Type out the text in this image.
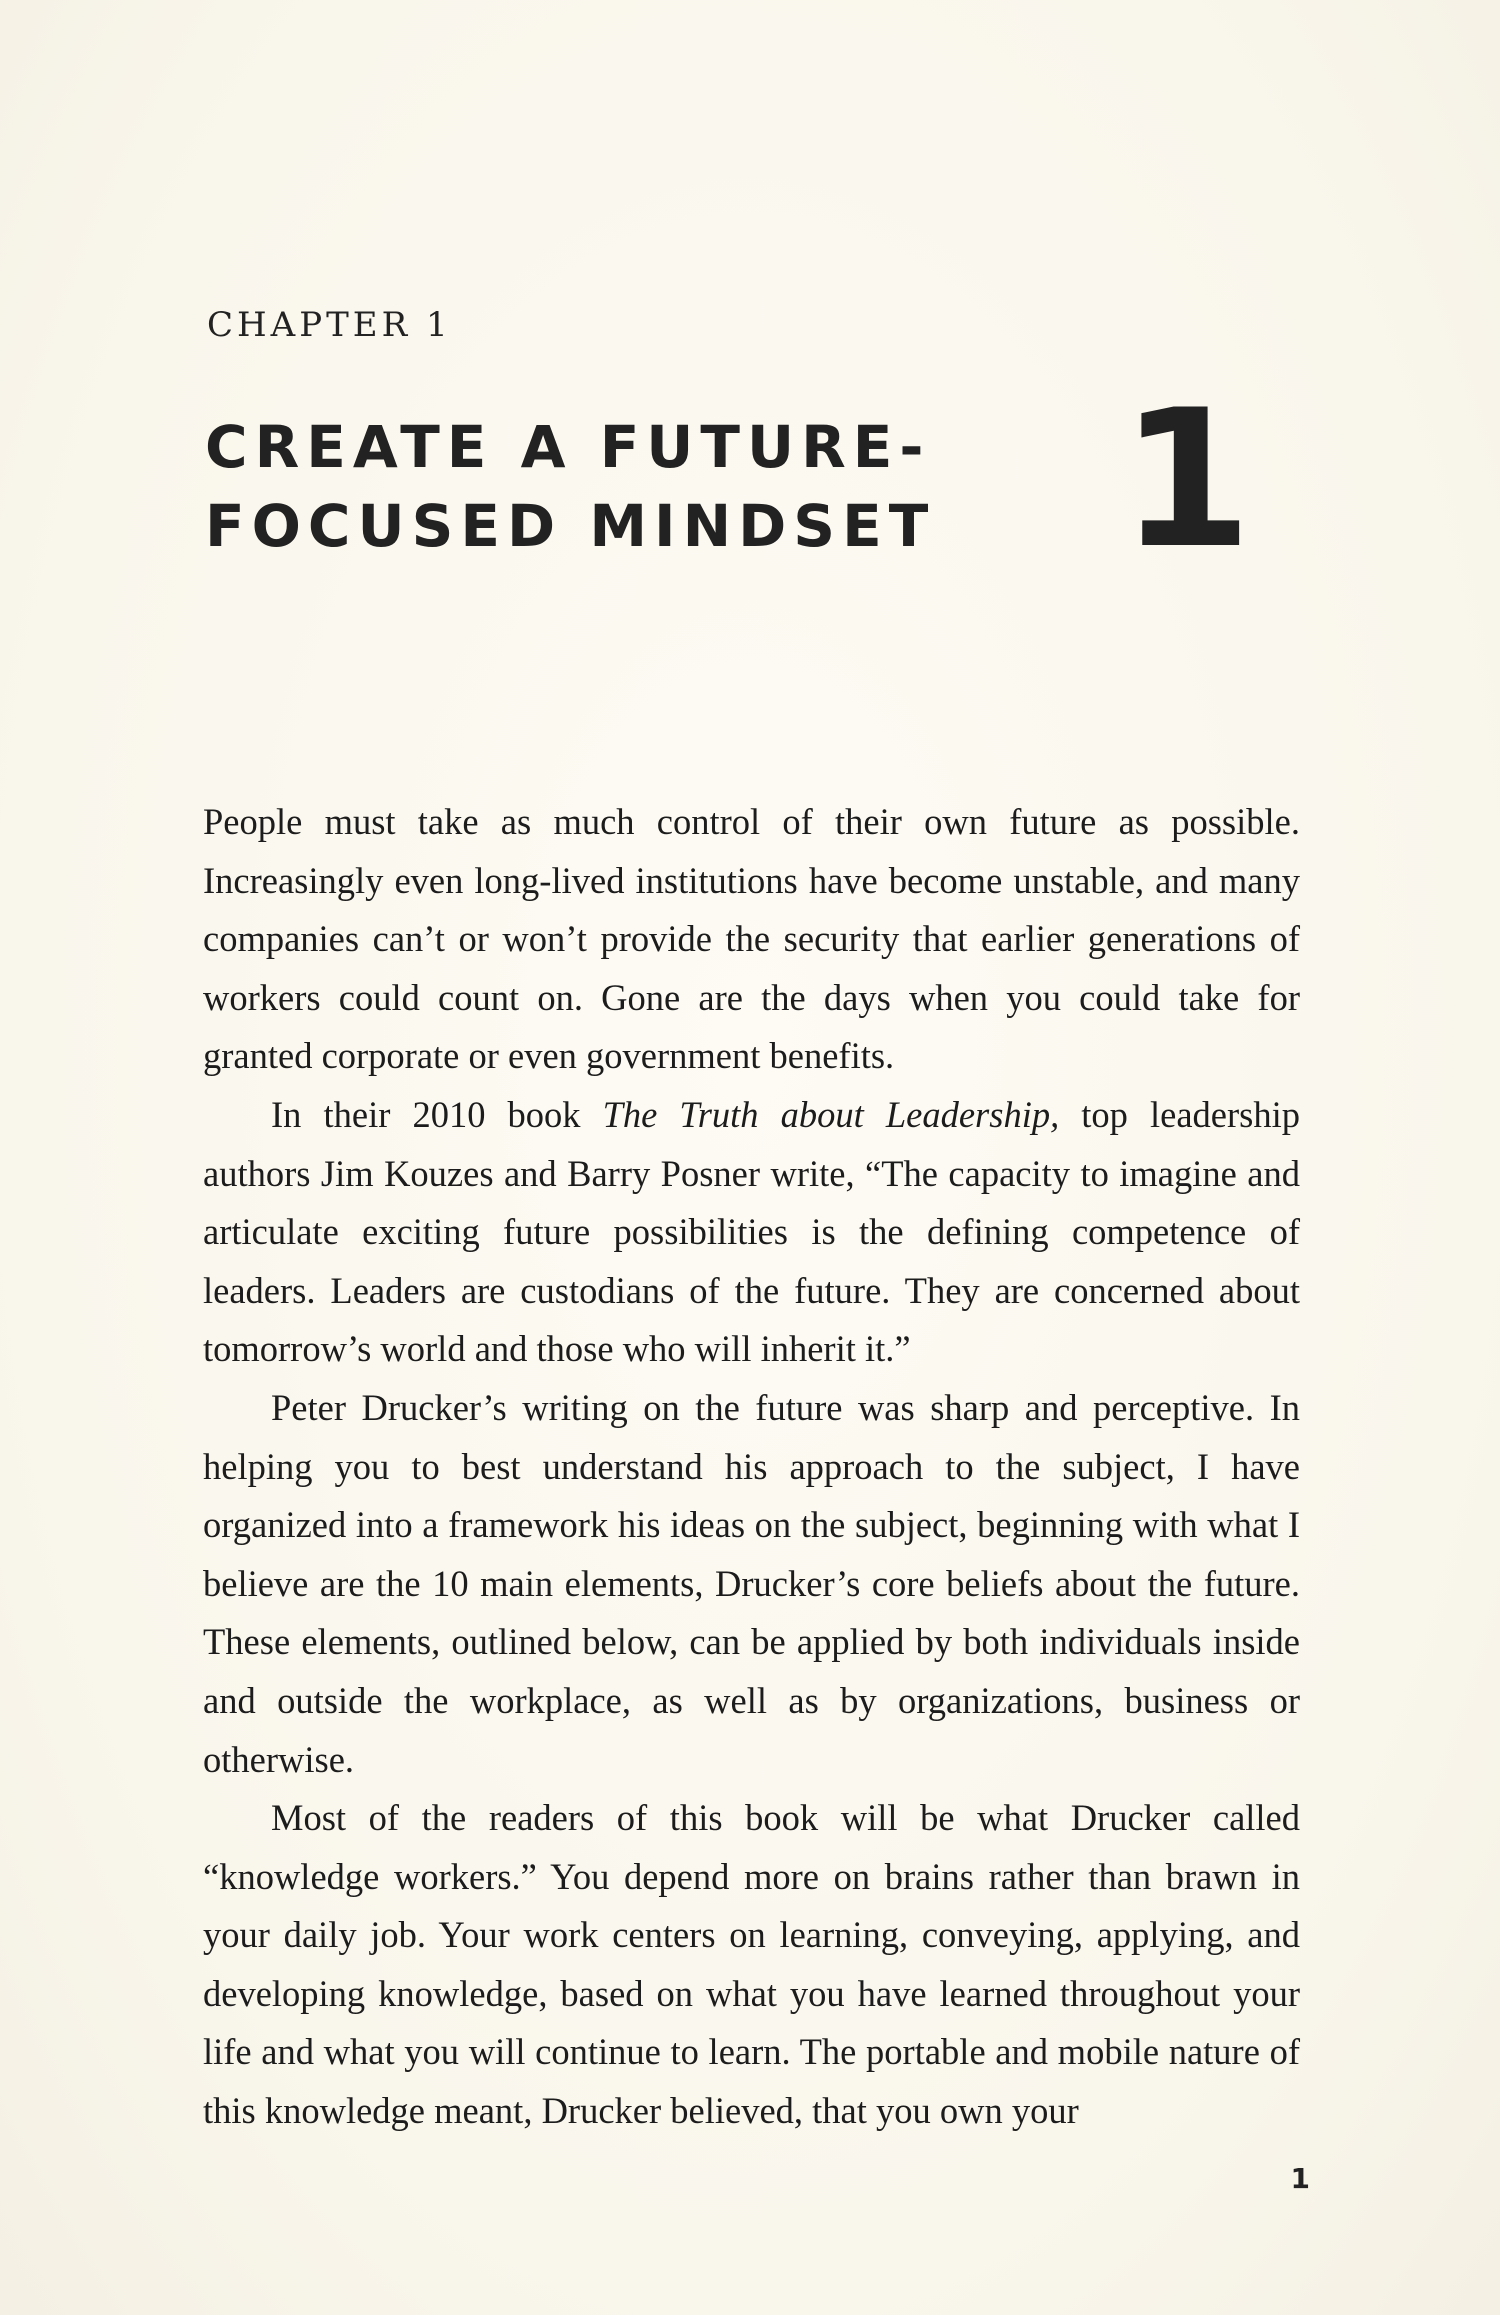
CHAPTER 1
CREATE A FUTURE-
FOCUSED MINDSET 1

People must take as much control of their own future as possible. Increasingly even long-lived institutions have become unstable, and many companies can’t or won’t provide the security that earlier generations of workers could count on. Gone are the days when you could take for granted corporate or even government benefits.

In their 2010 book The Truth about Leadership, top leadership authors Jim Kouzes and Barry Posner write, “The capacity to imagine and articulate exciting future possibilities is the defining competence of leaders. Leaders are custodians of the future. They are concerned about tomorrow’s world and those who will inherit it.”

Peter Drucker’s writing on the future was sharp and perceptive. In helping you to best understand his approach to the subject, I have organized into a framework his ideas on the subject, beginning with what I believe are the 10 main elements, Drucker’s core beliefs about the future. These elements, outlined below, can be applied by both individuals inside and outside the workplace, as well as by organizations, business or otherwise.

Most of the readers of this book will be what Drucker called “knowledge workers.” You depend more on brains rather than brawn in your daily job. Your work centers on learning, conveying, applying, and developing knowledge, based on what you have learned throughout your life and what you will continue to learn. The portable and mobile nature of this knowledge meant, Drucker believed, that you own your

1
